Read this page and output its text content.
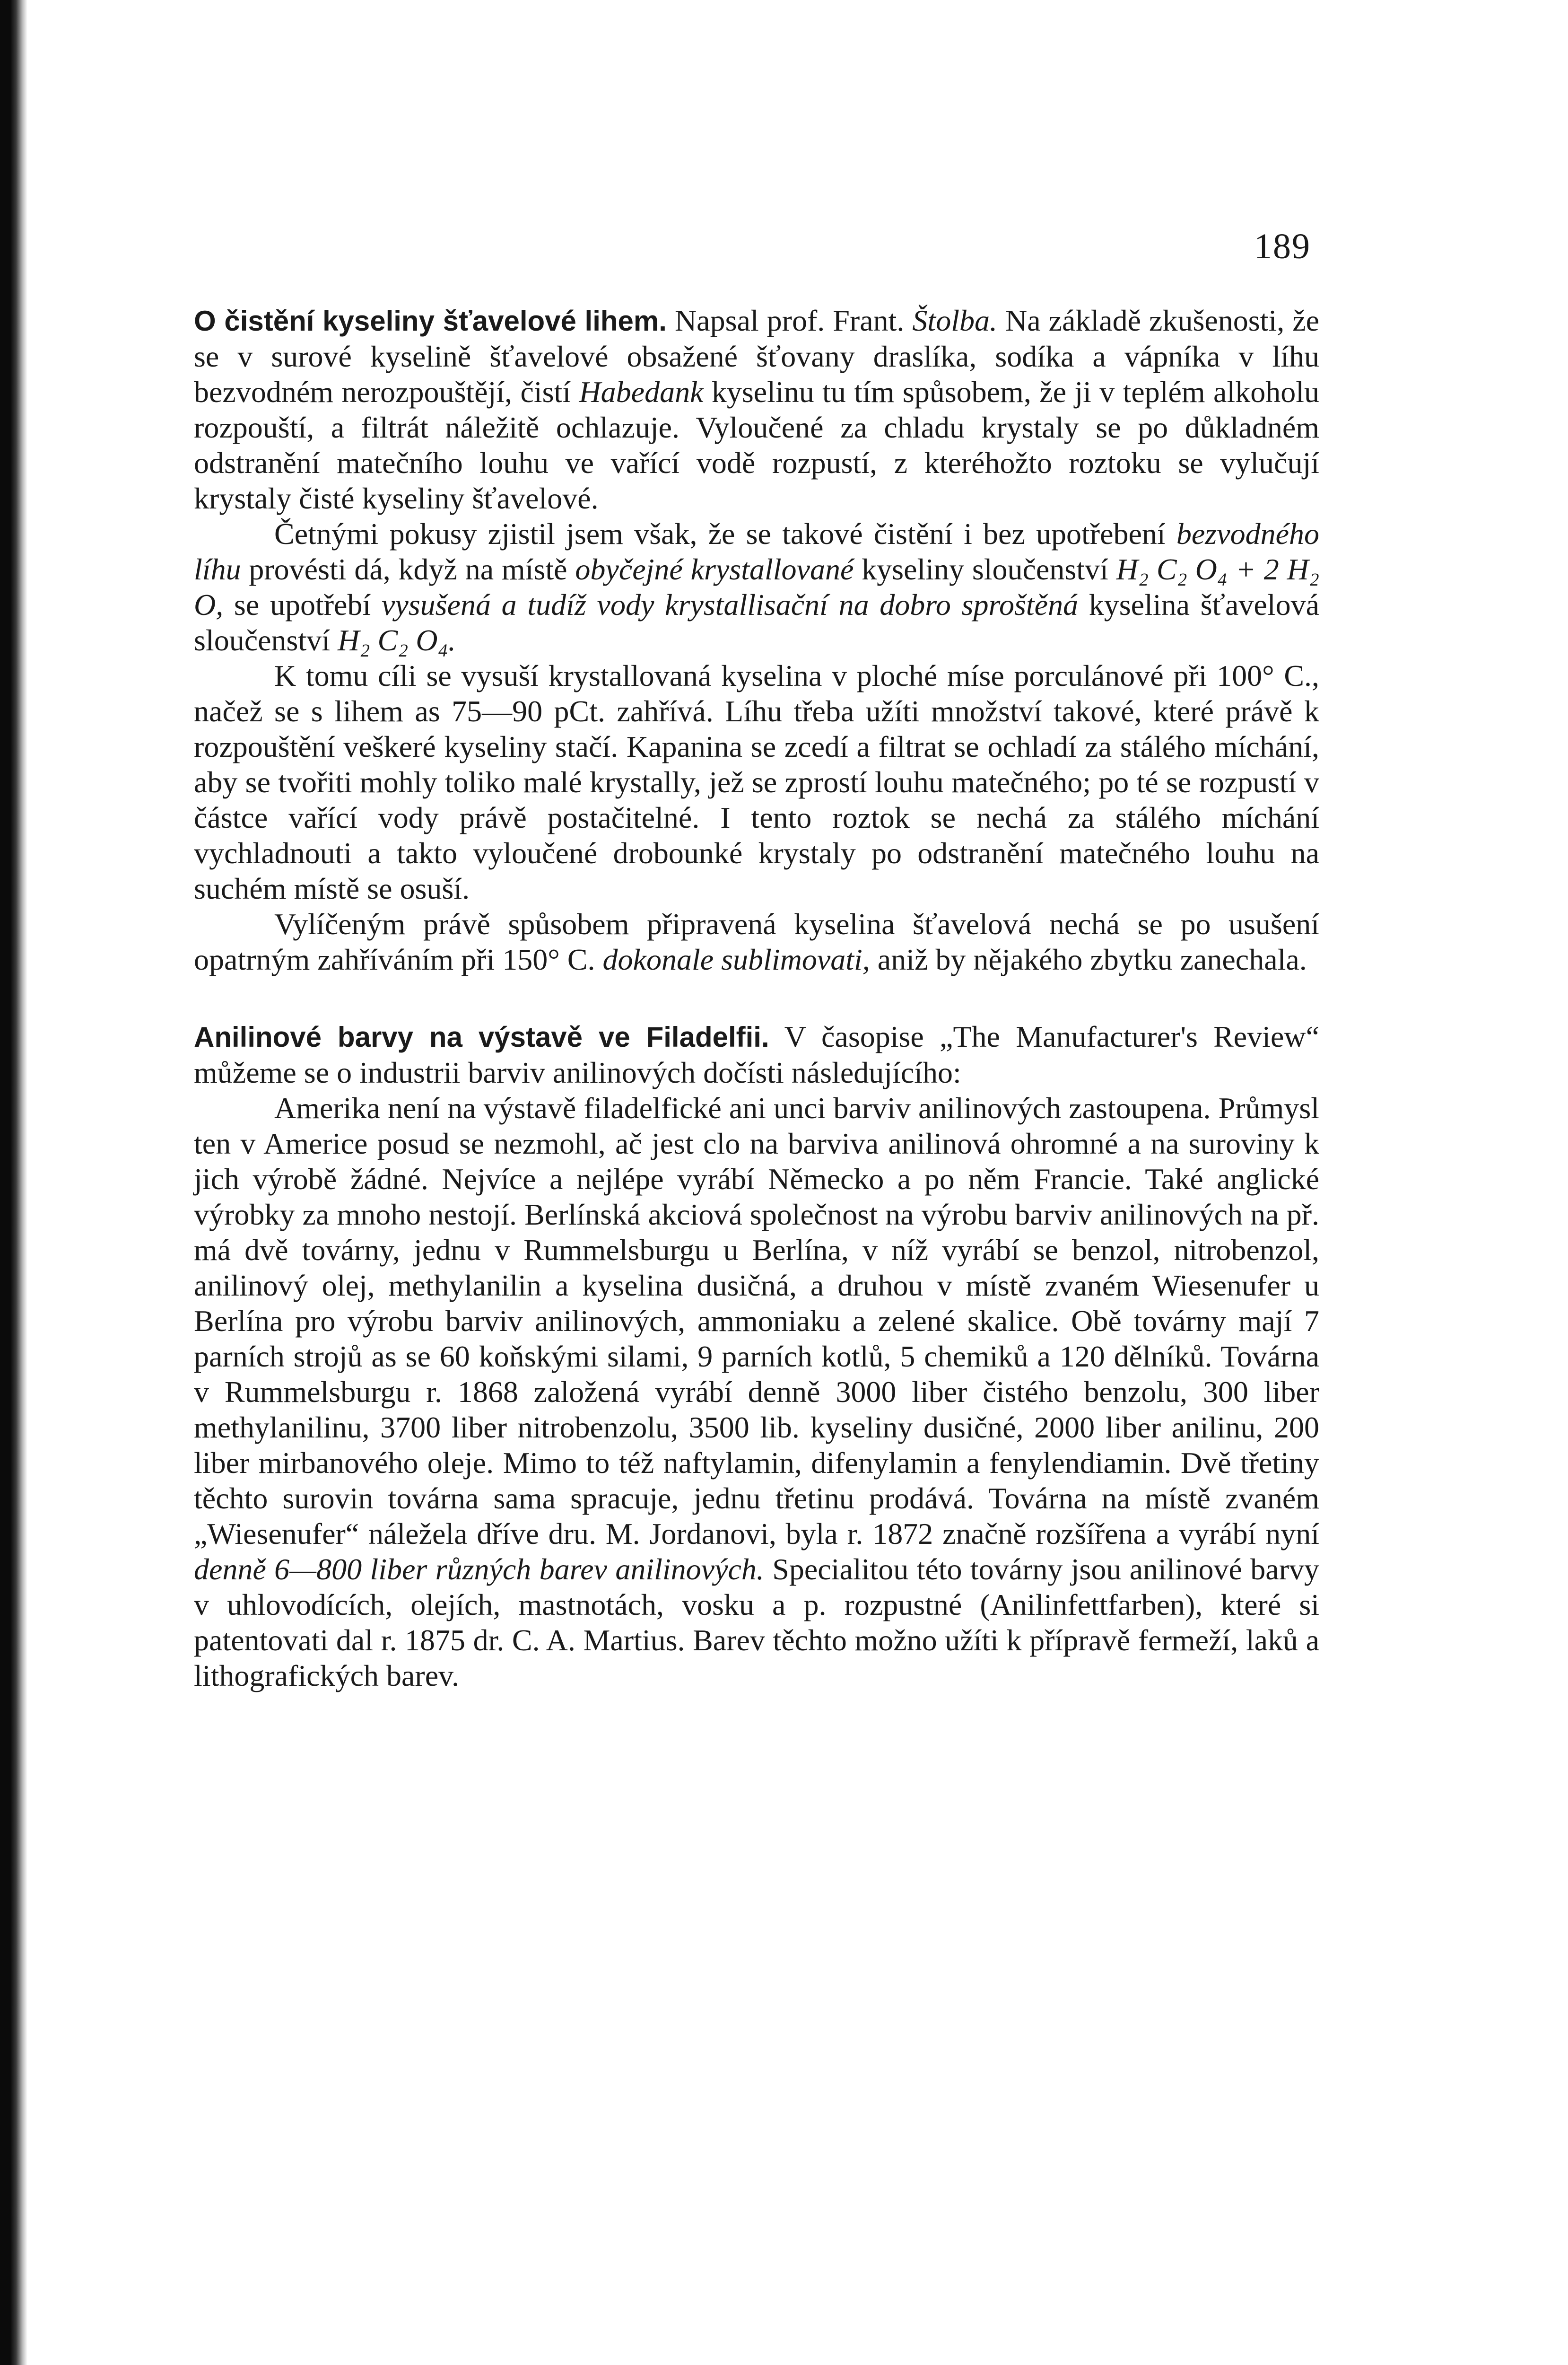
189

O čistění kyseliny šťavelové lihem. Napsal prof. Frant. Štolba. Na základě zkušenosti, že se v surové kyselině šťavelové obsažené šťovany draslíka, sodíka a vápníka v líhu bezvodném nerozpouštějí, čistí Habedank kyselinu tu tím spůsobem, že ji v teplém alkoholu rozpouští, a filtrát náležitě ochlazuje. Vyloučené za chladu krystaly se po důkladném odstranění matečního louhu ve vařící vodě rozpustí, z kteréhožto roztoku se vylučují krystaly čisté kyseliny šťavelové.

Četnými pokusy zjistil jsem však, že se takové čistění i bez upotřebení bezvodného líhu provésti dá, když na místě obyčejné krystallované kyseliny sloučenství H₂ C₂ O₄ + 2 H₂ O, se upotřebí vysušená a tudíž vody krystallisační na dobro sproštěná kyselina šťavelová sloučenství H₂ C₂ O₄.

K tomu cíli se vysuší krystallovaná kyselina v ploché míse porculánové při 100° C., načež se s lihem as 75—90 pCt. zahřívá. Líhu třeba užíti množství takové, které právě k rozpouštění veškeré kyseliny stačí. Kapanina se zcedí a filtrat se ochladí za stálého míchání, aby se tvořiti mohly toliko malé krystally, jež se zprostí louhu matečného; po té se rozpustí v částce vařící vody právě postačitelné. I tento roztok se nechá za stálého míchání vychladnouti a takto vyloučené drobounké krystaly po odstranění matečného louhu na suchém místě se osuší.

Vylíčeným právě spůsobem připravená kyselina šťavelová nechá se po usušení opatrným zahříváním při 150° C. dokonale sublimovati, aniž by nějakého zbytku zanechala.

Anilinové barvy na výstavě ve Filadelfii. V časopise „The Manufacturer's Review“ můžeme se o industrii barviv anilinových dočísti následujícího:

Amerika není na výstavě filadelfické ani unci barviv anilinových zastoupena. Průmysl ten v Americe posud se nezmohl, ač jest clo na barviva anilinová ohromné a na suroviny k jich výrobě žádné. Nejvíce a nejlépe vyrábí Německo a po něm Francie. Také anglické výrobky za mnoho nestojí. Berlínská akciová společnost na výrobu barviv anilinových na př. má dvě továrny, jednu v Rummelsburgu u Berlína, v níž vyrábí se benzol, nitrobenzol, anilinový olej, methylanilin a kyselina dusičná, a druhou v místě zvaném Wiesenufer u Berlína pro výrobu barviv anilinových, ammoniaku a zelené skalice. Obě továrny mají 7 parních strojů as se 60 koňskými silami, 9 parních kotlů, 5 chemiků a 120 dělníků. Továrna v Rummelsburgu r. 1868 založená vyrábí denně 3000 liber čistého benzolu, 300 liber methylanilinu, 3700 liber nitrobenzolu, 3500 lib. kyseliny dusičné, 2000 liber anilinu, 200 liber mirbanového oleje. Mimo to též naftylamin, difenylamin a fenylendiamin. Dvě třetiny těchto surovin továrna sama spracuje, jednu třetinu prodává. Továrna na místě zvaném „Wiesenufer“ náležela dříve dru. M. Jordanovi, byla r. 1872 značně rozšířena a vyrábí nyní denně 6—800 liber různých barev anilinových. Specialitou této továrny jsou anilinové barvy v uhlovodících, olejích, mastnotách, vosku a p. rozpustné (Anilinfettfarben), které si patentovati dal r. 1875 dr. C. A. Martius. Barev těchto možno užíti k přípravě fermeží, laků a lithografických barev.
